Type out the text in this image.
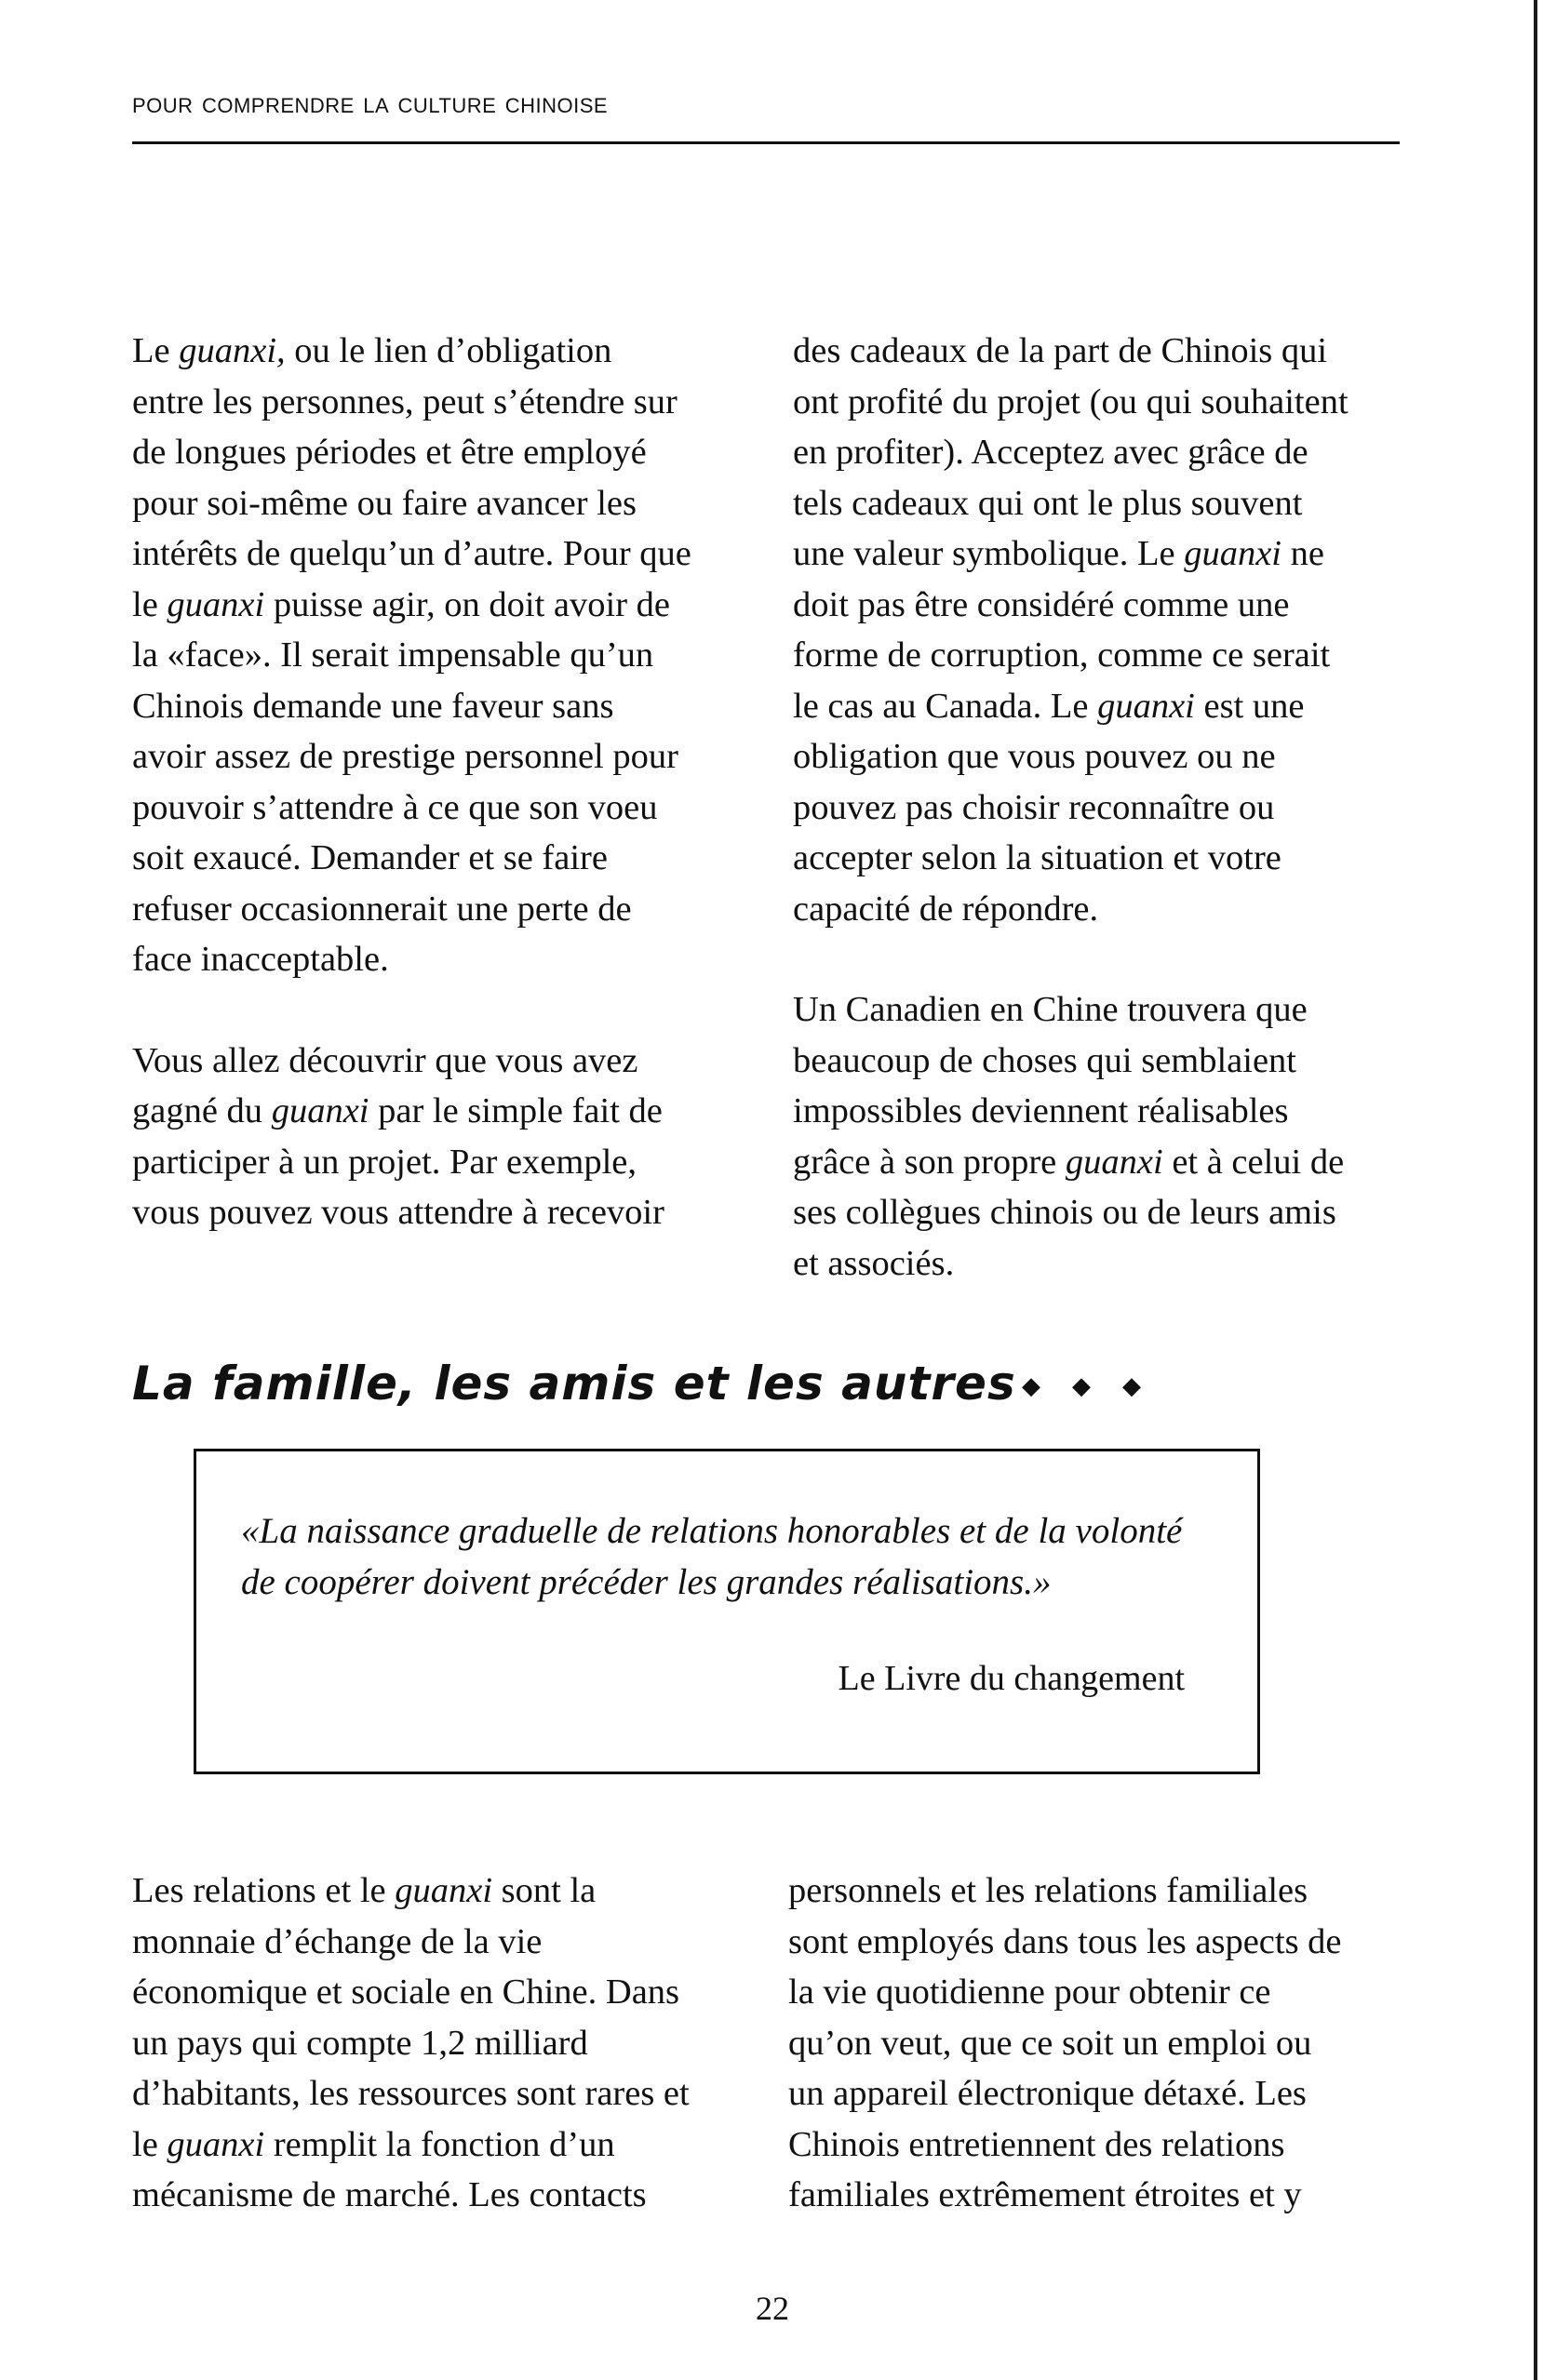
pour comprendre la culture chinoise

Le guanxi, ou le lien d’obligation
entre les personnes, peut s’étendre sur
de longues périodes et être employé
pour soi-même ou faire avancer les
intérêts de quelqu’un d’autre. Pour que
le guanxi puisse agir, on doit avoir de
la «face». Il serait impensable qu’un
Chinois demande une faveur sans
avoir assez de prestige personnel pour
pouvoir s’attendre à ce que son voeu
soit exaucé. Demander et se faire
refuser occasionnerait une perte de
face inacceptable.

Vous allez découvrir que vous avez
gagné du guanxi par le simple fait de
participer à un projet. Par exemple,
vous pouvez vous attendre à recevoir

des cadeaux de la part de Chinois qui
ont profité du projet (ou qui souhaitent
en profiter). Acceptez avec grâce de
tels cadeaux qui ont le plus souvent
une valeur symbolique. Le guanxi ne
doit pas être considéré comme une
forme de corruption, comme ce serait
le cas au Canada. Le guanxi est une
obligation que vous pouvez ou ne
pouvez pas choisir reconnaître ou
accepter selon la situation et votre
capacité de répondre.

Un Canadien en Chine trouvera que
beaucoup de choses qui semblaient
impossibles deviennent réalisables
grâce à son propre guanxi et à celui de
ses collègues chinois ou de leurs amis
et associés.

La famille, les amis et les autres ◆ ◆ ◆
«La naissance graduelle de relations honorables et de la volonté de coopérer doivent précéder les grandes réalisations.»
Le Livre du changement

Les relations et le guanxi sont la
monnaie d’échange de la vie
économique et sociale en Chine. Dans
un pays qui compte 1,2 milliard
d’habitants, les ressources sont rares et
le guanxi remplit la fonction d’un
mécanisme de marché. Les contacts

personnels et les relations familiales
sont employés dans tous les aspects de
la vie quotidienne pour obtenir ce
qu’on veut, que ce soit un emploi ou
un appareil électronique détaxé. Les
Chinois entretiennent des relations
familiales extrêmement étroites et y

22
